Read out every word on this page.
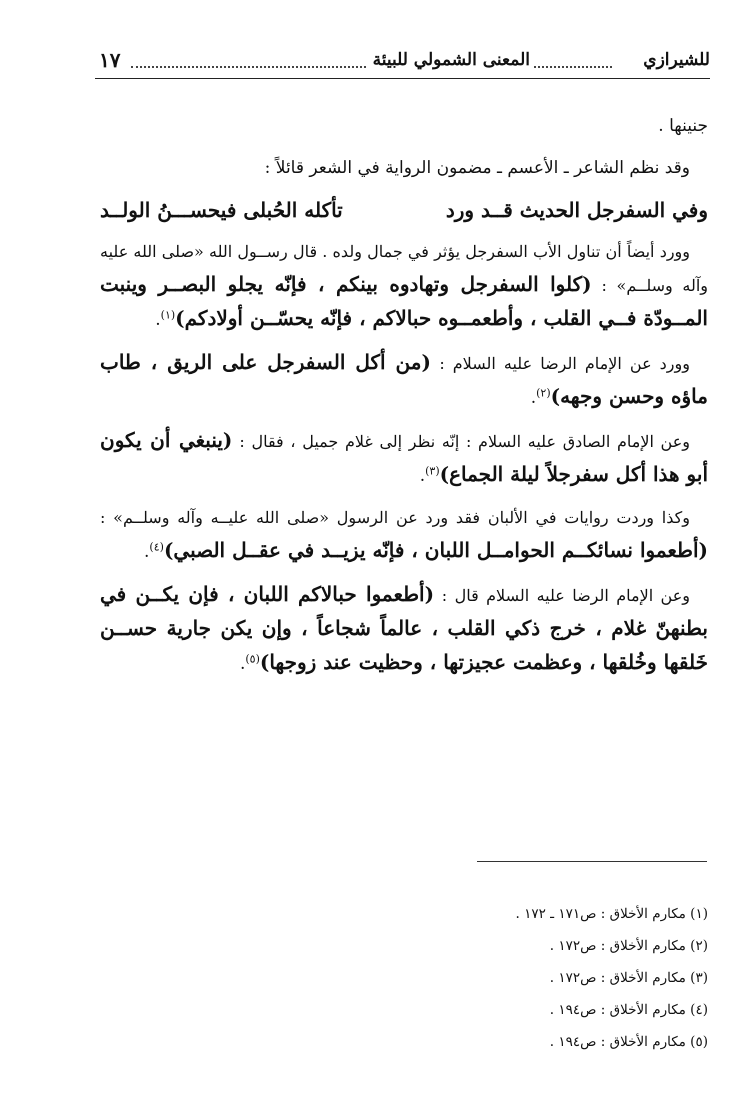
للشيرازي
المعنى الشمولي للبيئة
١٧

جنينها .

وقد نظم الشاعر ـ الأعسم ـ مضمون الرواية في الشعر قائلاً :

وفي السفرجل الحديث قــد ورد
تأكله الحُبلى فيحســـنُ الولــد

وورد أيضاً أن تناول الأب السفرجل يؤثر في جمال ولده . قال رســول الله «صلى الله عليه وآله وسلــم» : (كلوا السفرجل وتهادوه بينكم ، فإنّه يجلو البصــر وينبت المــودّة فــي القلب ، وأطعمــوه حبالاكم ، فإنّه يحسّــن أولادكم)$^{(١)}$.

وورد عن الإمام الرضا عليه السلام : (من أكل السفرجل على الريق ، طاب ماؤه وحسن وجهه)$^{(٢)}$.

وعن الإمام الصادق عليه السلام : إنّه نظر إلى غلام جميل ، فقال : (ينبغي أن يكون أبو هذا أكل سفرجلاً ليلة الجماع)$^{(٣)}$.

وكذا وردت روايات في الألبان فقد ورد عن الرسول «صلى الله عليــه وآله وسلــم» : (أطعموا نسائكــم الحوامــل اللبان ، فإنّه يزيــد في عقــل الصبي)$^{(٤)}$.

وعن الإمام الرضا عليه السلام قال : (أطعموا حبالاكم اللبان ، فإن يكــن في بطنهنّ غلام ، خرج ذكي القلب ، عالماً شجاعاً ، وإن يكن جارية حســن خَلقها وخُلقها ، وعظمت عجيزتها ، وحظيت عند زوجها)$^{(٥)}$.

(١) مكارم الأخلاق : ص١٧١ ـ ١٧٢ .
(٢) مكارم الأخلاق : ص١٧٢ .
(٣) مكارم الأخلاق : ص١٧٢ .
(٤) مكارم الأخلاق : ص١٩٤ .
(٥) مكارم الأخلاق : ص١٩٤ .
